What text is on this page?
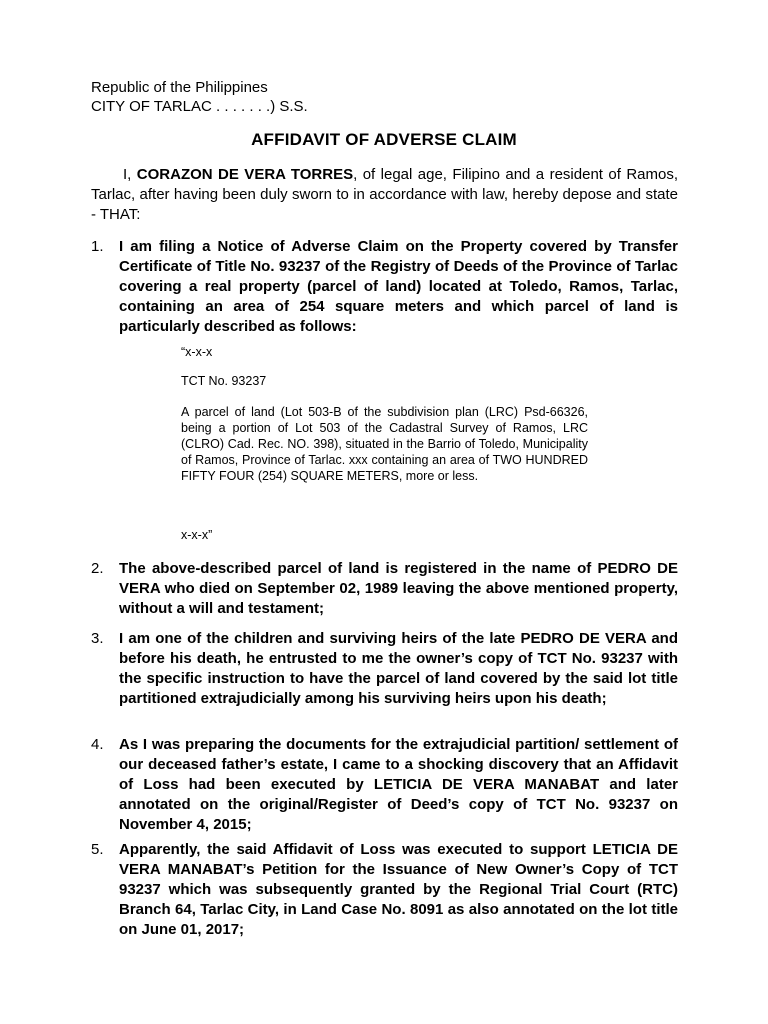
Republic of the Philippines
CITY OF TARLAC . . . . . . .) S.S.
AFFIDAVIT OF ADVERSE CLAIM
I, CORAZON DE VERA TORRES, of legal age, Filipino and a resident of Ramos, Tarlac, after having been duly sworn to in accordance with law, hereby depose and state - THAT:
1.	I am filing a Notice of Adverse Claim on the Property covered by Transfer Certificate of Title No. 93237 of the Registry of Deeds of the Province of Tarlac covering a real property (parcel of land) located at Toledo, Ramos, Tarlac, containing an area of 254 square meters and which parcel of land is particularly described as follows:

“x-x-x

TCT No. 93237

A parcel of land (Lot 503-B of the subdivision plan (LRC) Psd-66326, being a portion of Lot 503 of the Cadastral Survey of Ramos, LRC (CLRO) Cad. Rec. NO. 398), situated in the Barrio of Toledo, Municipality of Ramos, Province of Tarlac. xxx containing an area of TWO HUNDRED FIFTY FOUR (254) SQUARE METERS, more or less.

x-x-x”

2.	The above-described parcel of land is registered in the name of PEDRO DE VERA who died on September 02, 1989 leaving the above mentioned property, without a will and testament;
3.	I am one of the children and surviving heirs of the late PEDRO DE VERA and before his death, he entrusted to me the owner’s copy of TCT No. 93237 with the specific instruction to have the parcel of land covered by the said lot title partitioned extrajudicially among his surviving heirs upon his death;
4.	As I was preparing the documents for the extrajudicial partition/ settlement of our deceased father’s estate, I came to a shocking discovery that an Affidavit of Loss had been executed by LETICIA DE VERA MANABAT and later annotated on the original/Register of Deed’s copy of TCT No. 93237 on November 4, 2015;
5.	Apparently, the said Affidavit of Loss was executed to support LETICIA DE VERA MANABAT’s Petition for the Issuance of New Owner’s Copy of TCT 93237 which was subsequently granted by the Regional Trial Court (RTC) Branch 64, Tarlac City, in Land Case No. 8091 as also annotated on the lot title on June 01, 2017;
